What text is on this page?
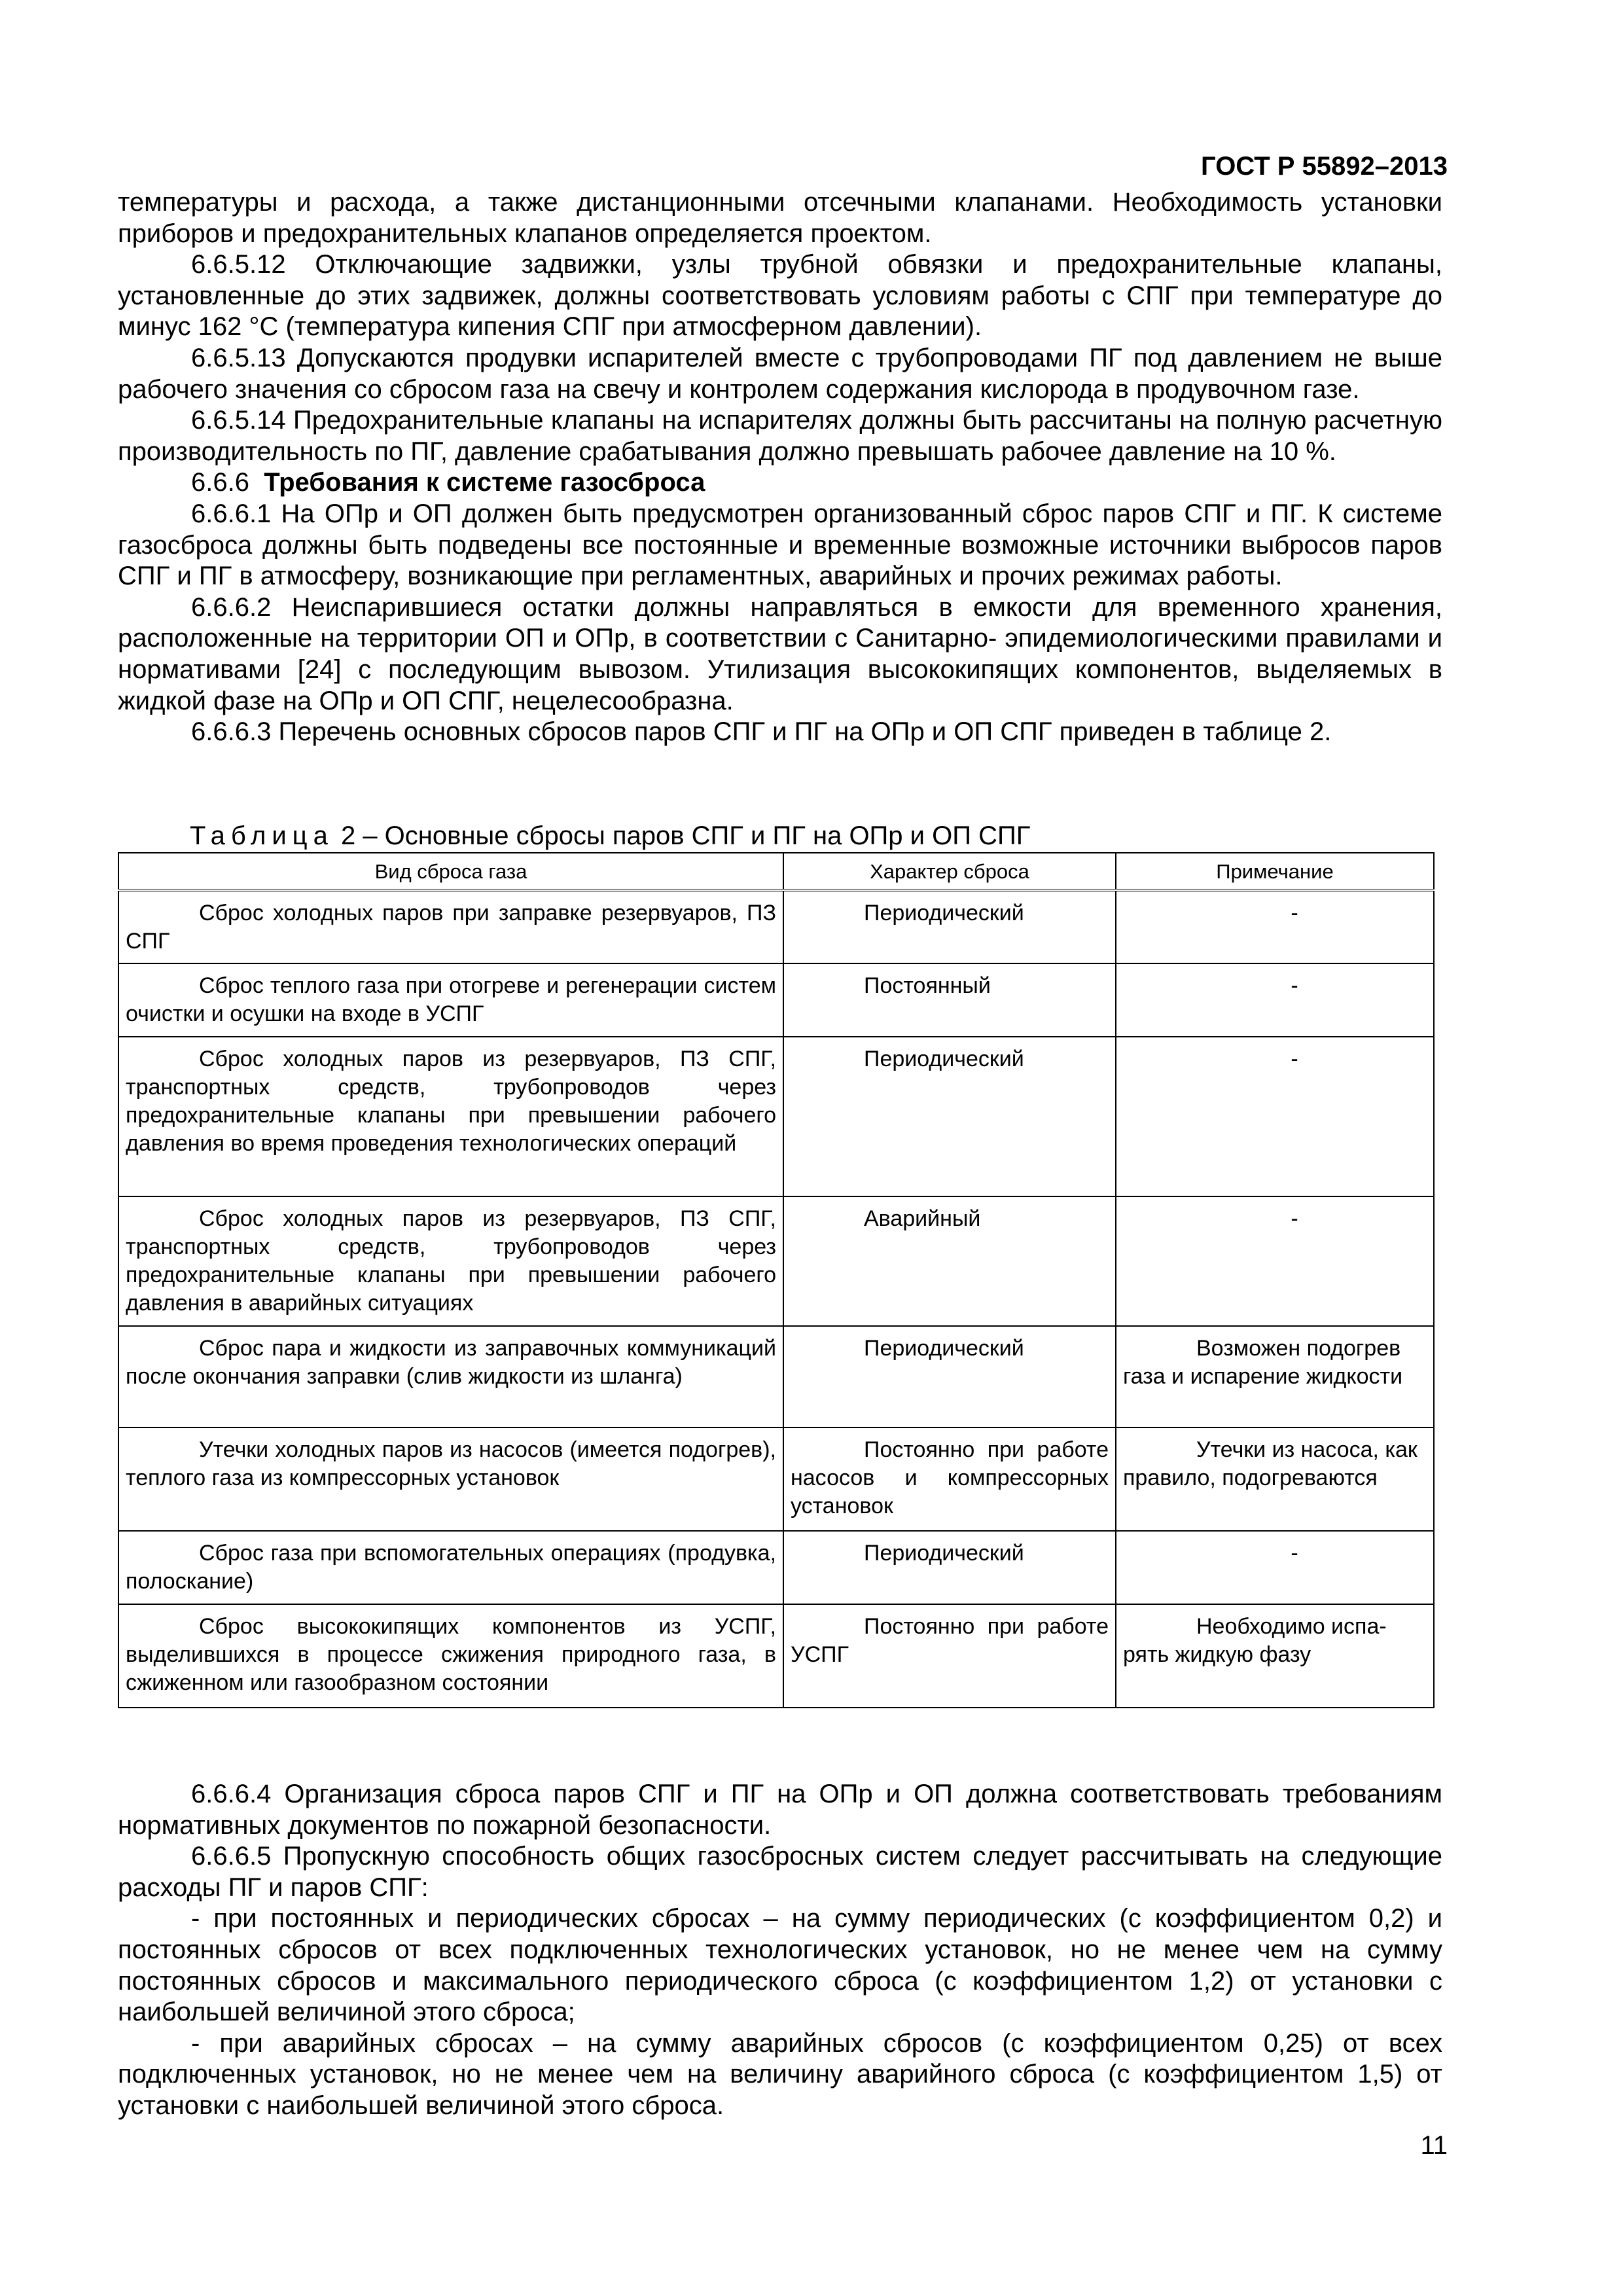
ГОСТ Р 55892–2013

температуры и расхода, а также дистанционными отсечными клапанами. Необходимость установки приборов и предохранительных клапанов определяется проектом.

6.6.5.12 Отключающие задвижки, узлы трубной обвязки и предохранительные клапаны, установленные до этих задвижек, должны соответствовать условиям работы с СПГ при температуре до минус 162 °С (температура кипения СПГ при атмосферном давлении).

6.6.5.13 Допускаются продувки испарителей вместе с трубопроводами ПГ под давлением не выше рабочего значения со сбросом газа на свечу и контролем содержания кислорода в продувочном газе.

6.6.5.14 Предохранительные клапаны на испарителях должны быть рассчитаны на полную расчетную производительность по ПГ, давление срабатывания должно превышать рабочее давление на 10 %.

6.6.6 Требования к системе газосброса

6.6.6.1 На ОПр и ОП должен быть предусмотрен организованный сброс паров СПГ и ПГ. К системе газосброса должны быть подведены все постоянные и временные возможные источники выбросов паров СПГ и ПГ в атмосферу, возникающие при регламентных, аварийных и прочих режимах работы.

6.6.6.2 Неиспарившиеся остатки должны направляться в емкости для временного хранения, расположенные на территории ОП и ОПр, в соответствии с Санитарно- эпидемиологическими правилами и нормативами [24] с последующим вывозом. Утилизация высококипящих компонентов, выделяемых в жидкой фазе на ОПр и ОП СПГ, нецелесообразна.

6.6.6.3 Перечень основных сбросов паров СПГ и ПГ на ОПр и ОП СПГ приведен в таблице 2.

Таблица 2 – Основные сбросы паров СПГ и ПГ на ОПр и ОП СПГ
Вид сброса газа	Характер сброса	Примечание
Сброс холодных паров при заправке резервуаров, ПЗ СПГ	Периодический	-

Сброс теплого газа при отогреве и регенерации систем очистки и осушки на входе в УСПГ	Постоянный	-

Сброс холодных паров из резервуаров, ПЗ СПГ, транспортных средств, трубопроводов через предохранительные клапаны при превышении рабочего давления во время проведения технологических операций	Периодический	-

Сброс холодных паров из резервуаров, ПЗ СПГ, транспортных средств, трубопроводов через предохранительные клапаны при превышении рабочего давления в аварийных ситуациях	Аварийный	-

Сброс пара и жидкости из заправочных коммуникаций после окончания заправки (слив жидкости из шланга)	Периодический	Возможен подогрев газа и испарение жидкости
Утечки холодных паров из насосов (имеется подогрев), теплого газа из компрессорных установок	Постоянно при работе насосов и компрессорных установок	Утечки из насоса, как правило, подогреваются
Сброс газа при вспомогательных операциях (продувка, полоскание)	Периодический	-

Сброс высококипящих компонентов из УСПГ, выделившихся в процессе сжижения природного газа, в сжиженном или газообразном состоянии	Постоянно при работе УСПГ	Необходимо испа-рять жидкую фазу

6.6.6.4 Организация сброса паров СПГ и ПГ на ОПр и ОП должна соответствовать требованиям нормативных документов по пожарной безопасности.

6.6.6.5 Пропускную способность общих газосбросных систем следует рассчитывать на следующие расходы ПГ и паров СПГ:

- при постоянных и периодических сбросах – на сумму периодических (с коэффициентом 0,2) и постоянных сбросов от всех подключенных технологических установок, но не менее чем на сумму постоянных сбросов и максимального периодического сброса (с коэффициентом 1,2) от установки с наибольшей величиной этого сброса;

- при аварийных сбросах – на сумму аварийных сбросов (с коэффициентом 0,25) от всех подключенных установок, но не менее чем на величину аварийного сброса (с коэффициентом 1,5) от установки с наибольшей величиной этого сброса.

11
